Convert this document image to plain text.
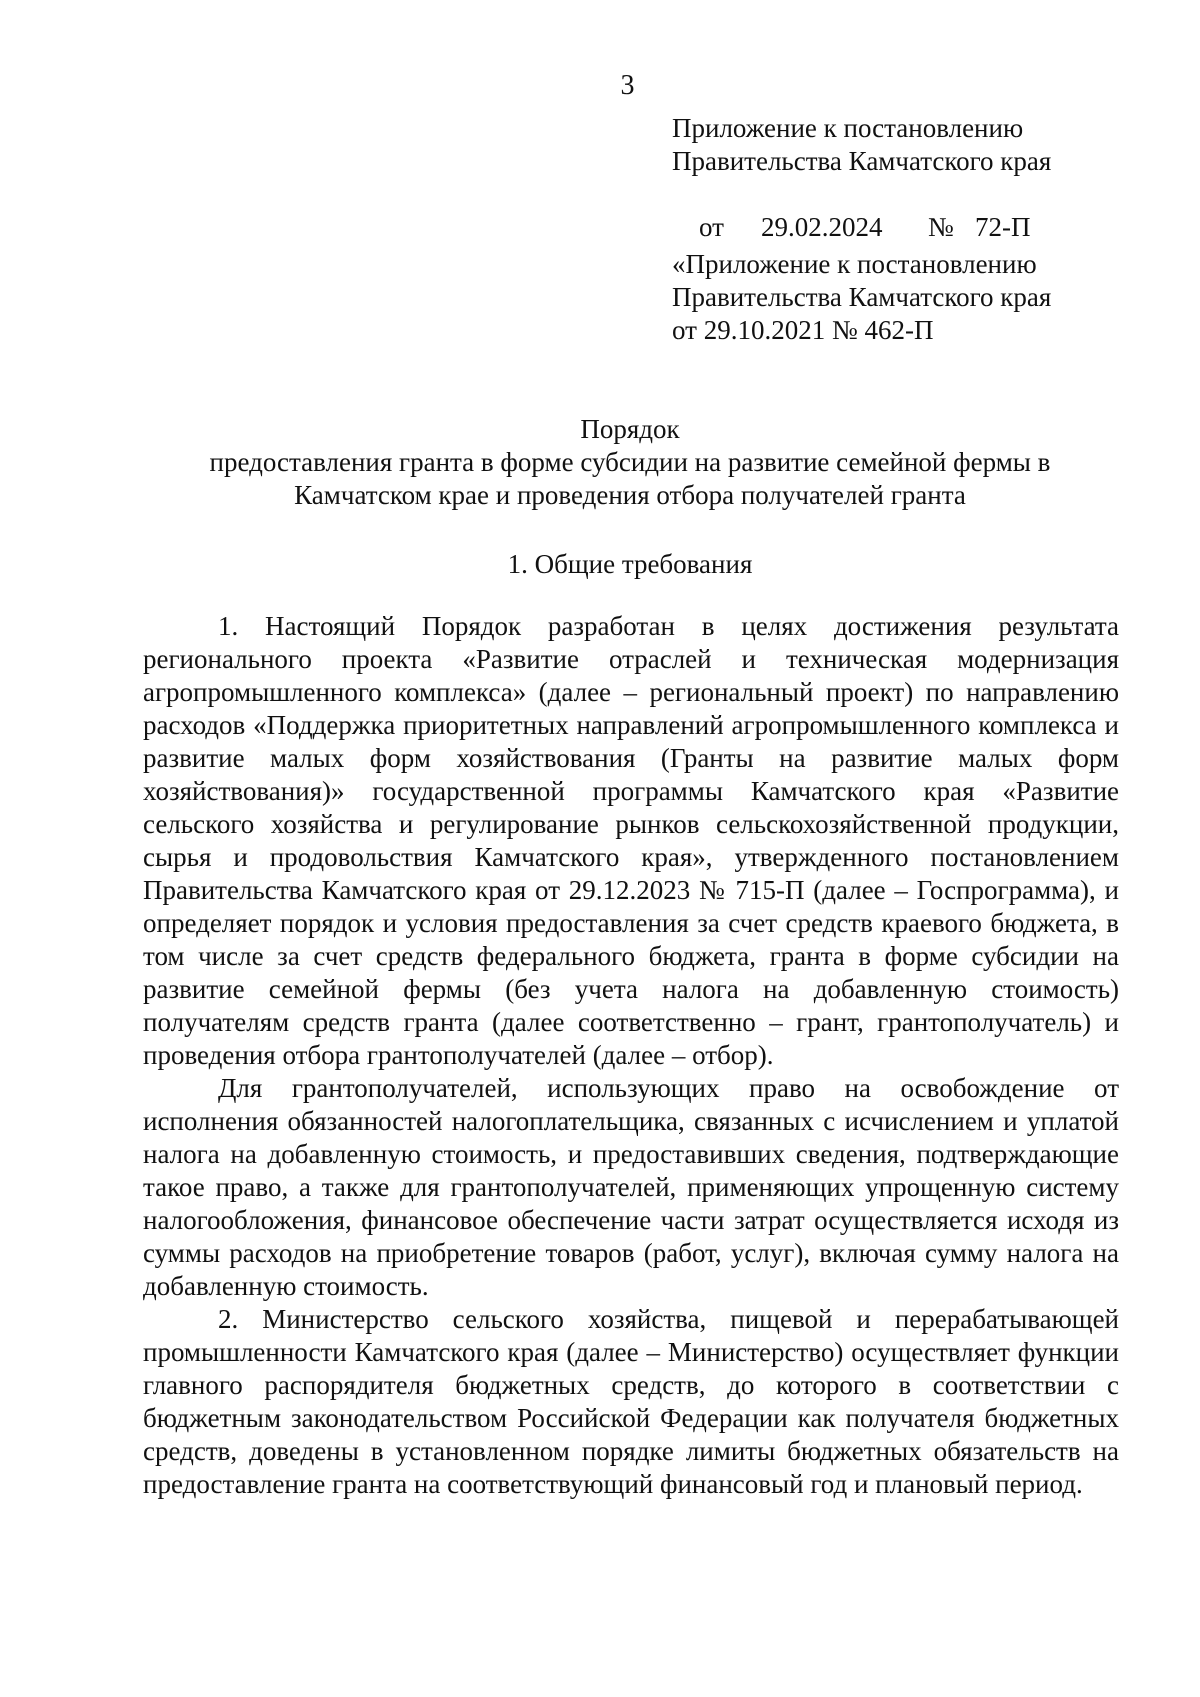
3
Приложение к постановлению
Правительства Камчатского края

от 29.02.2024 № 72-П

«Приложение к постановлению
Правительства Камчатского края
от 29.10.2021 № 462-П
Порядок
предоставления гранта в форме субсидии на развитие семейной фермы в
Камчатском крае и проведения отбора получателей гранта
1. Общие требования

1. Настоящий Порядок разработан в целях достижения результата регионального проекта «Развитие отраслей и техническая модернизация агропромышленного комплекса» (далее – региональный проект) по направлению расходов «Поддержка приоритетных направлений агропромышленного комплекса и развитие малых форм хозяйствования (Гранты на развитие малых форм хозяйствования)» государственной программы Камчатского края «Развитие сельского хозяйства и регулирование рынков сельскохозяйственной продукции, сырья и продовольствия Камчатского края», утвержденного постановлением Правительства Камчатского края от 29.12.2023 № 715-П (далее – Госпрограмма), и определяет порядок и условия предоставления за счет средств краевого бюджета, в том числе за счет средств федерального бюджета, гранта в форме субсидии на развитие семейной фермы (без учета налога на добавленную стоимость) получателям средств гранта (далее соответственно – грант, грантополучатель) и проведения отбора грантополучателей (далее – отбор).

Для грантополучателей, использующих право на освобождение от исполнения обязанностей налогоплательщика, связанных с исчислением и уплатой налога на добавленную стоимость, и предоставивших сведения, подтверждающие такое право, а также для грантополучателей, применяющих упрощенную систему налогообложения, финансовое обеспечение части затрат осуществляется исходя из суммы расходов на приобретение товаров (работ, услуг), включая сумму налога на добавленную стоимость.

2. Министерство сельского хозяйства, пищевой и перерабатывающей промышленности Камчатского края (далее – Министерство) осуществляет функции главного распорядителя бюджетных средств, до которого в соответствии с бюджетным законодательством Российской Федерации как получателя бюджетных средств, доведены в установленном порядке лимиты бюджетных обязательств на предоставление гранта на соответствующий финансовый год и плановый период.
